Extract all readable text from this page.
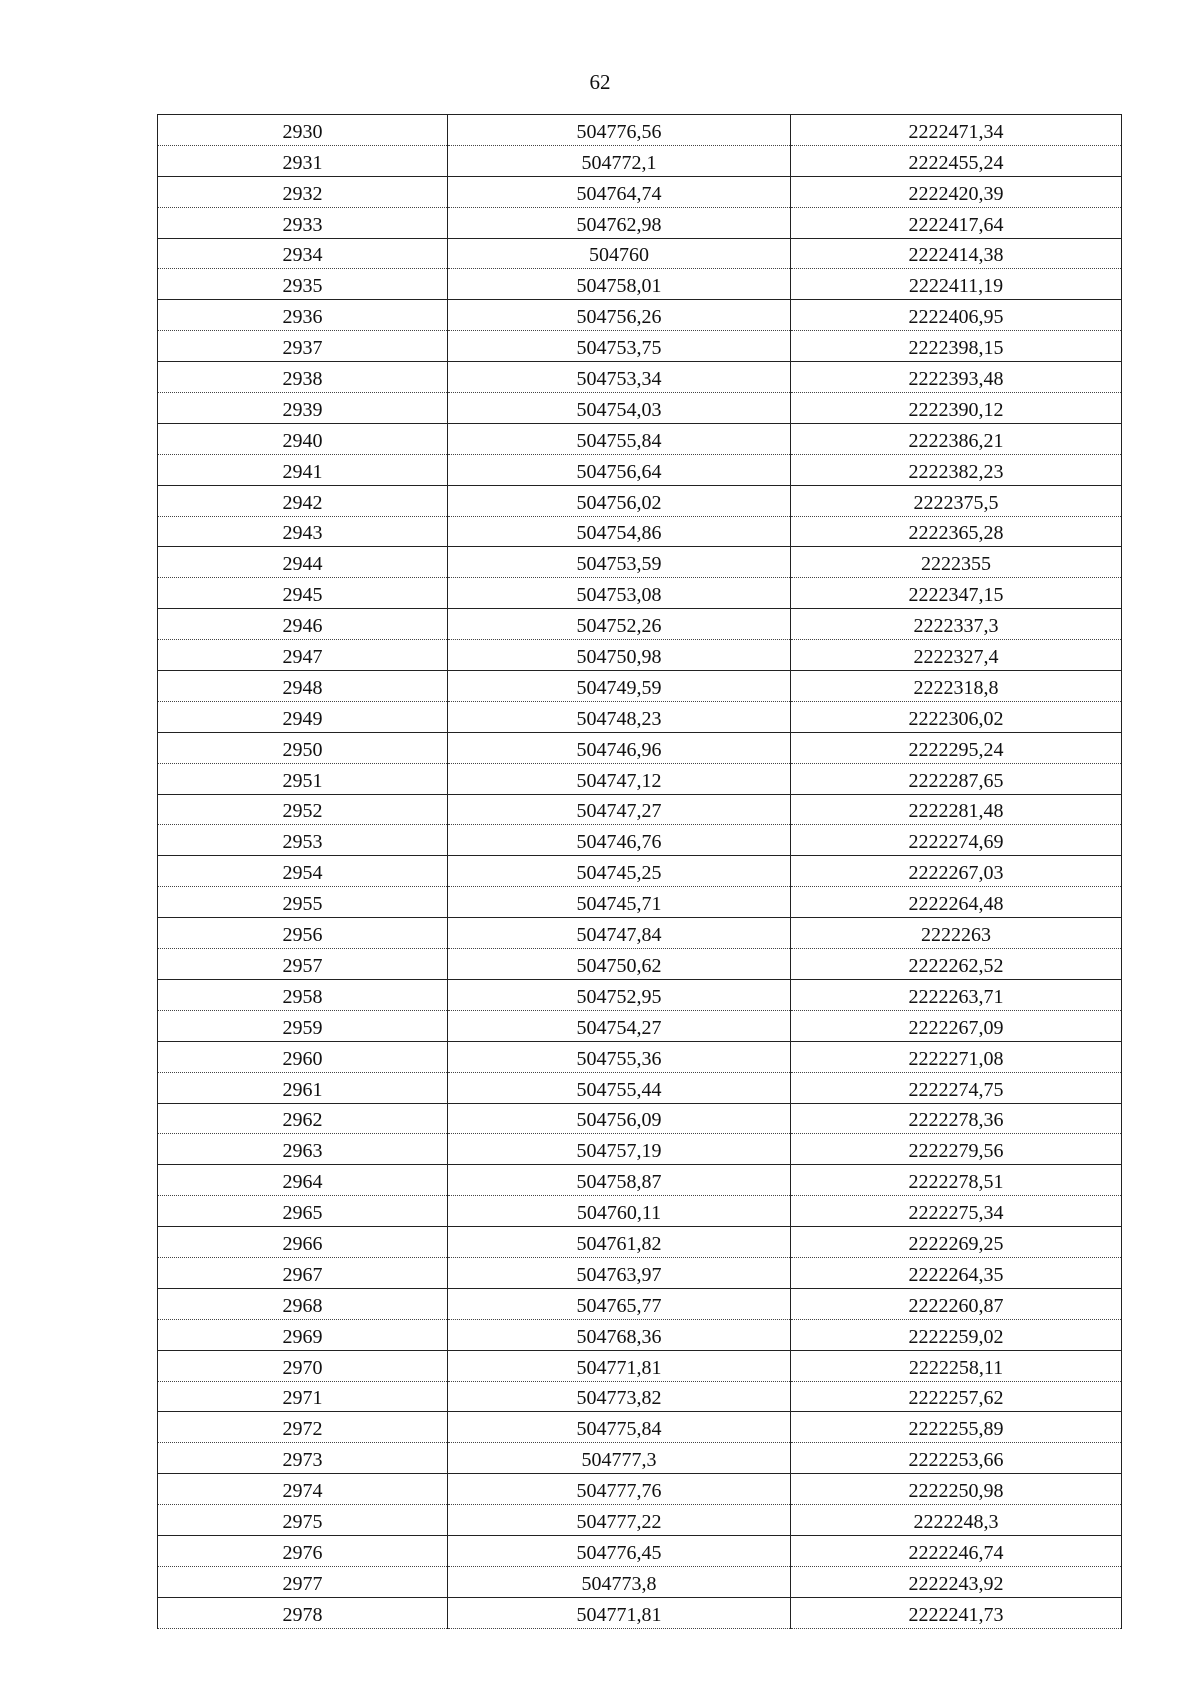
62
2930	504776,56	2222471,34
2931	504772,1	2222455,24
2932	504764,74	2222420,39
2933	504762,98	2222417,64
2934	504760	2222414,38
2935	504758,01	2222411,19
2936	504756,26	2222406,95
2937	504753,75	2222398,15
2938	504753,34	2222393,48
2939	504754,03	2222390,12
2940	504755,84	2222386,21
2941	504756,64	2222382,23
2942	504756,02	2222375,5
2943	504754,86	2222365,28
2944	504753,59	2222355
2945	504753,08	2222347,15
2946	504752,26	2222337,3
2947	504750,98	2222327,4
2948	504749,59	2222318,8
2949	504748,23	2222306,02
2950	504746,96	2222295,24
2951	504747,12	2222287,65
2952	504747,27	2222281,48
2953	504746,76	2222274,69
2954	504745,25	2222267,03
2955	504745,71	2222264,48
2956	504747,84	2222263
2957	504750,62	2222262,52
2958	504752,95	2222263,71
2959	504754,27	2222267,09
2960	504755,36	2222271,08
2961	504755,44	2222274,75
2962	504756,09	2222278,36
2963	504757,19	2222279,56
2964	504758,87	2222278,51
2965	504760,11	2222275,34
2966	504761,82	2222269,25
2967	504763,97	2222264,35
2968	504765,77	2222260,87
2969	504768,36	2222259,02
2970	504771,81	2222258,11
2971	504773,82	2222257,62
2972	504775,84	2222255,89
2973	504777,3	2222253,66
2974	504777,76	2222250,98
2975	504777,22	2222248,3
2976	504776,45	2222246,74
2977	504773,8	2222243,92
2978	504771,81	2222241,73
